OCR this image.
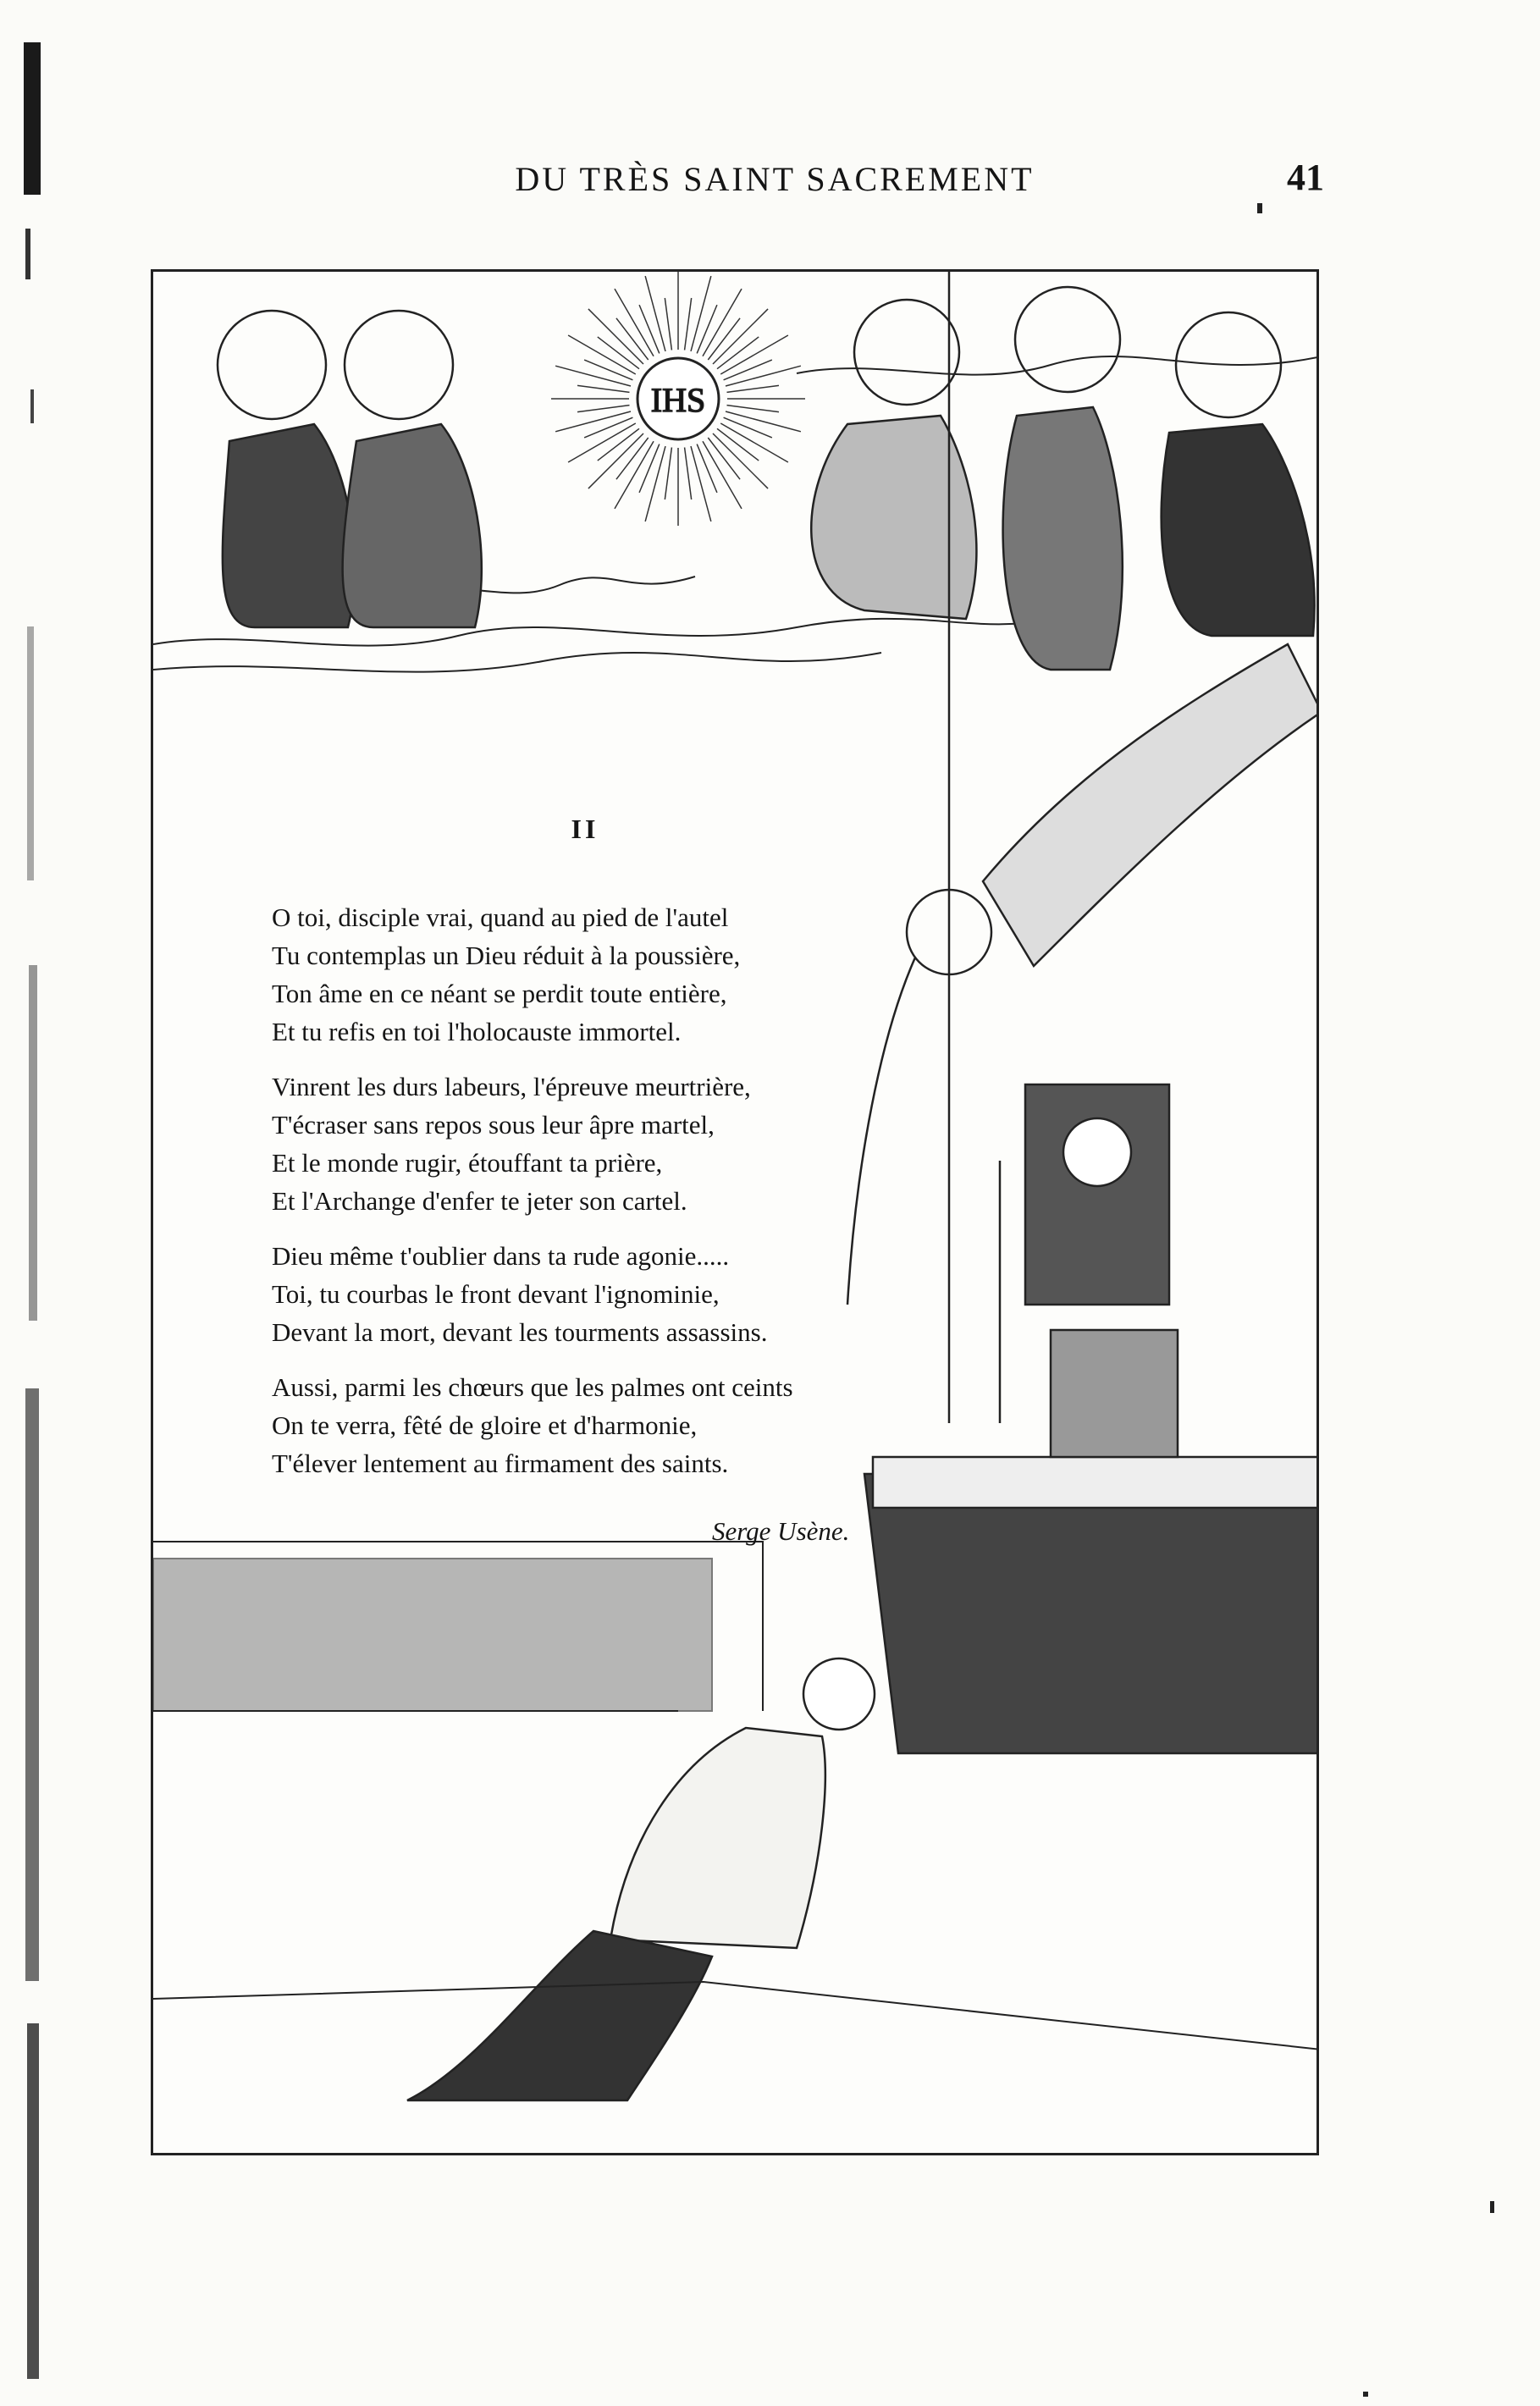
DU TRÈS SAINT SACREMENT	41
IHS
II
O toi, disciple vrai, quand au pied de l'autel
Tu contemplas un Dieu réduit à la poussière,
Ton âme en ce néant se perdit toute entière,
Et tu refis en toi l'holocauste immortel.
Vinrent les durs labeurs, l'épreuve meurtrière,
T'écraser sans repos sous leur âpre martel,
Et le monde rugir, étouffant ta prière,
Et l'Archange d'enfer te jeter son cartel.
Dieu même t'oublier dans ta rude agonie.....
Toi, tu courbas le front devant l'ignominie,
Devant la mort, devant les tourments assassins.
Aussi, parmi les chœurs que les palmes ont ceints
On te verra, fêté de gloire et d'harmonie,
T'élever lentement au firmament des saints.
Serge Usène.
